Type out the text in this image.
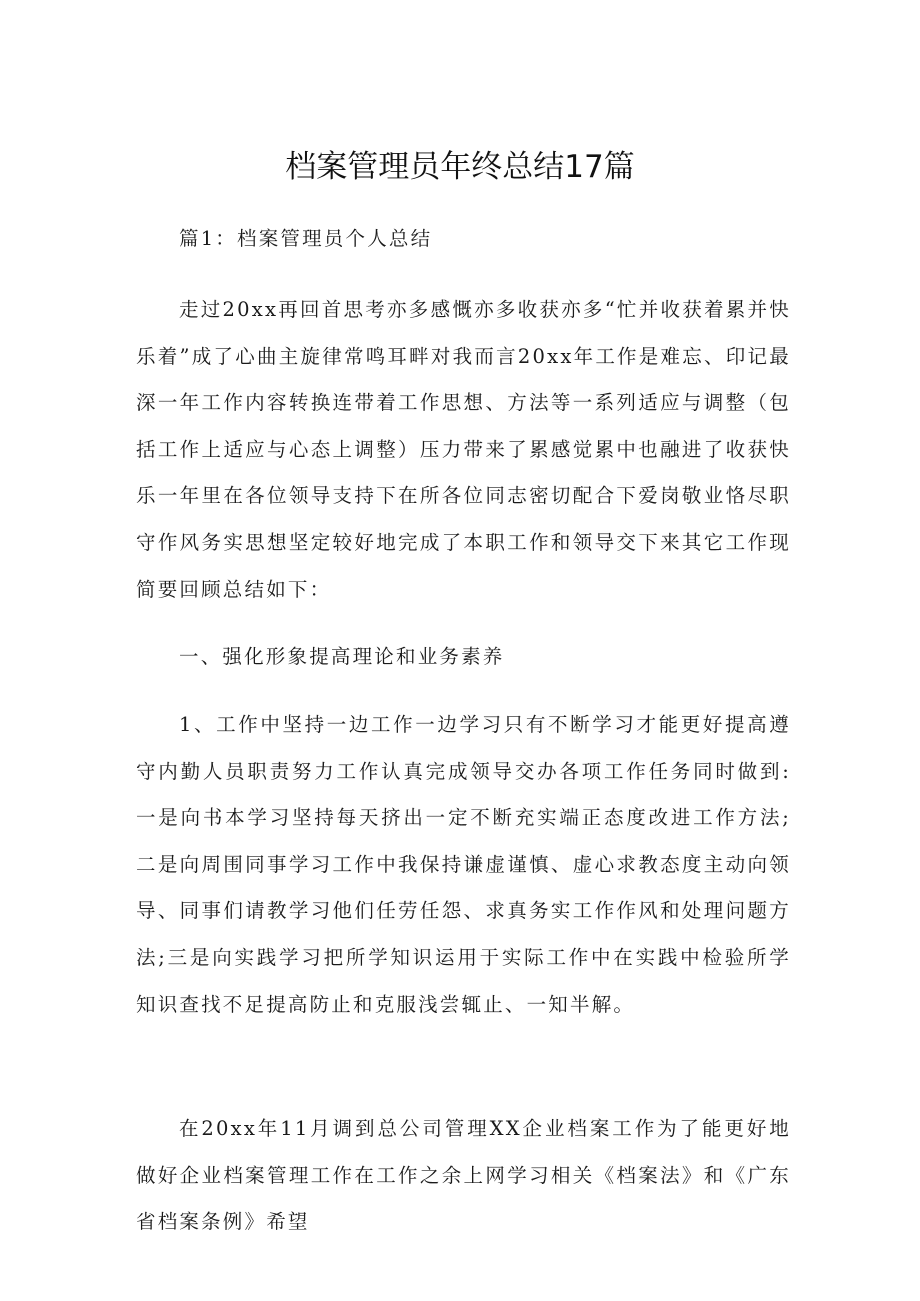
档案管理员年终总结17篇

篇1：档案管理员个人总结

走过20xx再回首思考亦多感慨亦多收获亦多“忙并收获着累并快乐着”成了心曲主旋律常鸣耳畔对我而言20xx年工作是难忘、印记最深一年工作内容转换连带着工作思想、方法等一系列适应与调整（包括工作上适应与心态上调整）压力带来了累感觉累中也融进了收获快乐一年里在各位领导支持下在所各位同志密切配合下爱岗敬业恪尽职守作风务实思想坚定较好地完成了本职工作和领导交下来其它工作现简要回顾总结如下：

一、强化形象提高理论和业务素养

1、工作中坚持一边工作一边学习只有不断学习才能更好提高遵守内勤人员职责努力工作认真完成领导交办各项工作任务同时做到:一是向书本学习坚持每天挤出一定不断充实端正态度改进工作方法;二是向周围同事学习工作中我保持谦虚谨慎、虚心求教态度主动向领导、同事们请教学习他们任劳任怨、求真务实工作作风和处理问题方法;三是向实践学习把所学知识运用于实际工作中在实践中检验所学知识查找不足提高防止和克服浅尝辄止、一知半解。

在20xx年11月调到总公司管理XX企业档案工作为了能更好地做好企业档案管理工作在工作之余上网学习相关《档案法》和《广东省档案条例》希望
